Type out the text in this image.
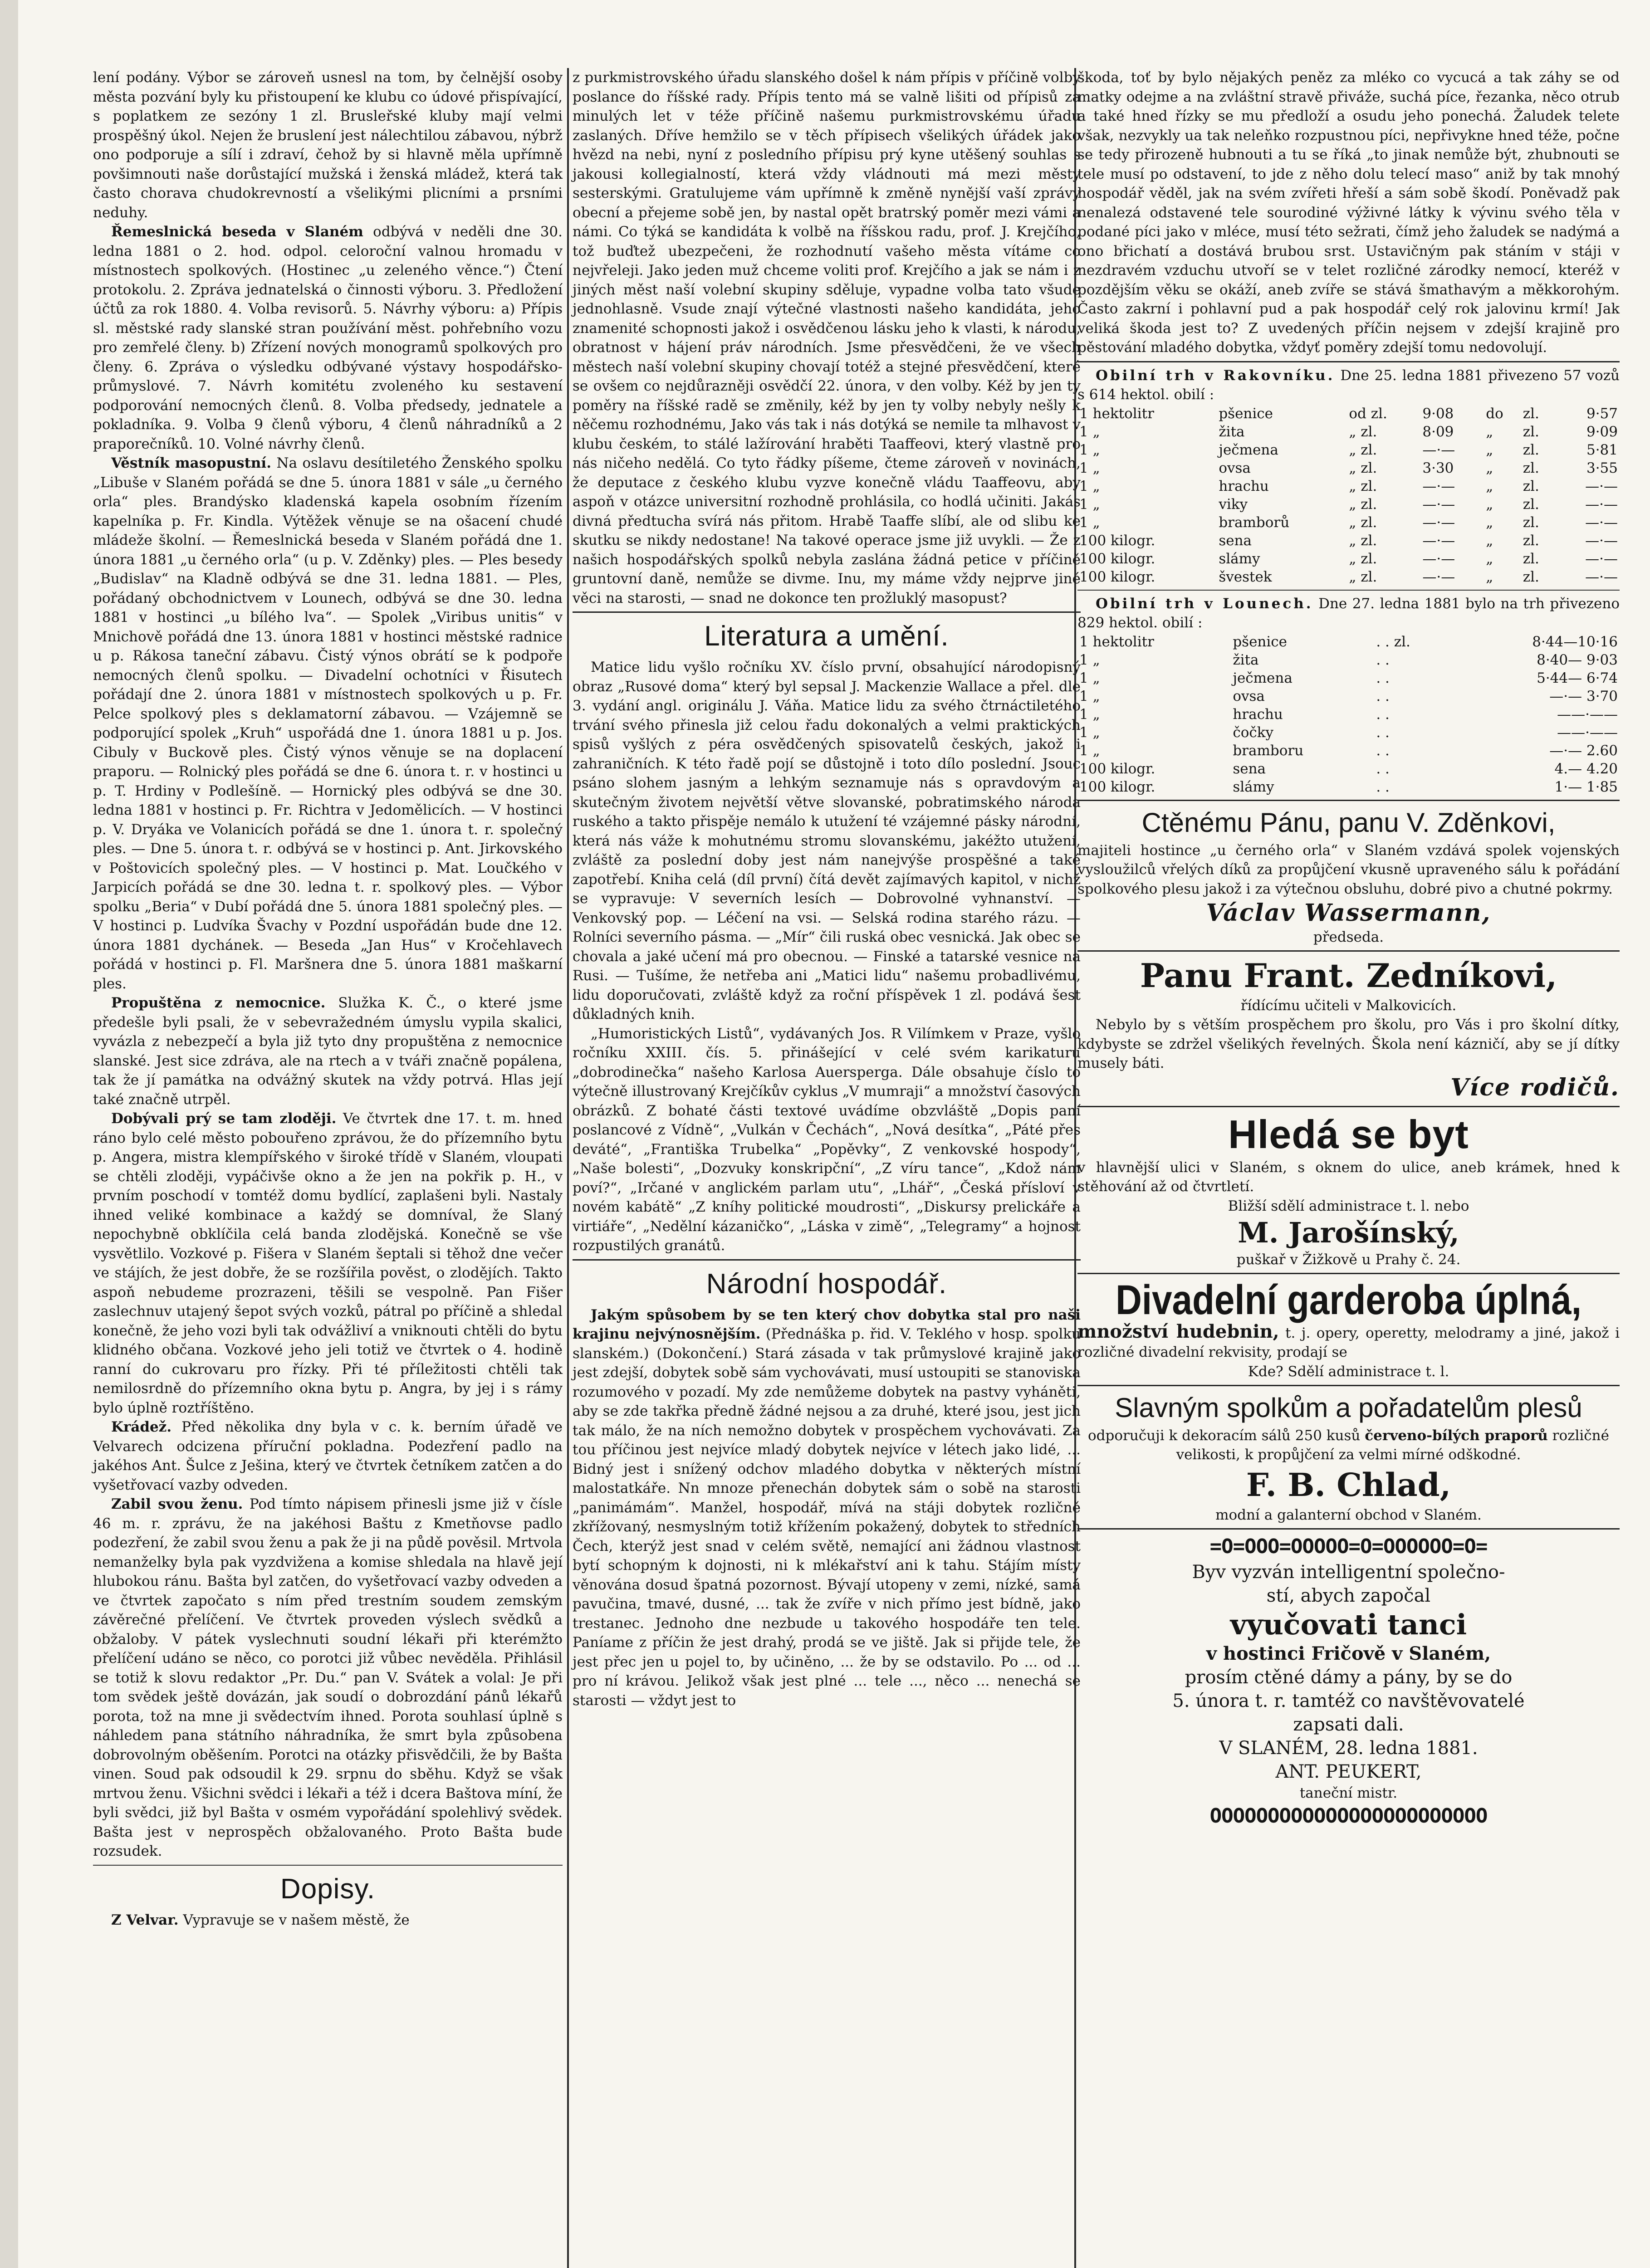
lení podány. Výbor se zároveň usnesl na tom, by čelnější osoby města pozvání byly ku přistoupení ke klubu co údové přispívající, s poplatkem ze sezóny 1 zl. Brusleřské kluby mají velmi prospěšný úkol. Nejen že bruslení jest nálechtilou zábavou, nýbrž ono podporuje a sílí i zdraví, čehož by si hlavně měla upřímně povšimnouti naše dorůstající mužská i ženská mládež, která tak často chorava chudokrevností a všelikými plicními a prsními neduhy.

Řemeslnická beseda v Slaném odbývá v neděli dne 30. ledna 1881 o 2. hod. odpol. celoroční valnou hromadu v místnostech spolkových. (Hostinec „u zeleného věnce.“) Čtení protokolu. 2. Zpráva jednatelská o činnosti výboru. 3. Předložení účtů za rok 1880. 4. Volba revisorů. 5. Návrhy výboru: a) Přípis sl. městské rady slanské stran používání měst. pohřebního vozu pro zemřelé členy. b) Zřízení nových monogramů spolkových pro členy. 6. Zpráva o výsledku odbývané výstavy hospodářsko-průmyslové. 7. Návrh komitétu zvoleného ku sestavení podporování nemocných členů. 8. Volba předsedy, jednatele a pokladníka. 9. Volba 9 členů výboru, 4 členů náhradníků a 2 praporečníků. 10. Volné návrhy členů.

Věstník masopustní. Na oslavu desítiletého Ženského spolku „Libuše v Slaném pořádá se dne 5. února 1881 v sále „u černého orla“ ples. Brandýsko kladenská kapela osobním řízením kapelníka p. Fr. Kindla. Výtěžek věnuje se na ošacení chudé mládeže školní. — Řemeslnická beseda v Slaném pořádá dne 1. února 1881 „u černého orla“ (u p. V. Zděnky) ples. — Ples besedy „Budislav“ na Kladně odbývá se dne 31. ledna 1881. — Ples, pořádaný obchodnictvem v Lounech, odbývá se dne 30. ledna 1881 v hostinci „u bílého lva“. — Spolek „Viribus unitis“ v Mnichově pořádá dne 13. února 1881 v hostinci městské radnice u p. Rákosa taneční zábavu. Čistý výnos obrátí se k podpoře nemocných členů spolku. — Divadelní ochotníci v Řisutech pořádají dne 2. února 1881 v místnostech spolkových u p. Fr. Pelce spolkový ples s deklamatorní zábavou. — Vzájemně se podporující spolek „Kruh“ uspořádá dne 1. února 1881 u p. Jos. Cibuly v Buckově ples. Čistý výnos věnuje se na doplacení praporu. — Rolnický ples pořádá se dne 6. února t. r. v hostinci u p. T. Hrdiny v Podlešíně. — Hornický ples odbývá se dne 30. ledna 1881 v hostinci p. Fr. Richtra v Jedomělicích. — V hostinci p. V. Dryáka ve Volanicích pořádá se dne 1. února t. r. společný ples. — Dne 5. února t. r. odbývá se v hostinci p. Ant. Jirkovského v Poštovicích společný ples. — V hostinci p. Mat. Loučkého v Jarpicích pořádá se dne 30. ledna t. r. spolkový ples. — Výbor spolku „Beria“ v Dubí pořádá dne 5. února 1881 společný ples. — V hostinci p. Ludvíka Švachy v Pozdní uspořádán bude dne 12. února 1881 dychánek. — Beseda „Jan Hus“ v Kročehlavech pořádá v hostinci p. Fl. Maršnera dne 5. února 1881 maškarní ples.

Propuštěna z nemocnice. Služka K. Č., o které jsme předešle byli psali, že v sebevražedném úmyslu vypila skalici, vyvázla z nebezpečí a byla již tyto dny propuštěna z nemocnice slanské. Jest sice zdráva, ale na rtech a v tváři značně popálena, tak že jí památka na odvážný skutek na vždy potrvá. Hlas její také značně utrpěl.

Dobývali prý se tam zloději. Ve čtvrtek dne 17. t. m. hned ráno bylo celé město pobouřeno zprávou, že do přízemního bytu p. Angera, mistra klempířského v široké třídě v Slaném, vloupati se chtěli zloději, vypáčivše okno a že jen na pokřik p. H., v prvním poschodí v tomtéž domu bydlící, zaplašeni byli. Nastaly ihned veliké kombinace a každý se domníval, že Slaný nepochybně obklíčila celá banda zlodějská. Konečně se vše vysvětlilo. Vozkové p. Fišera v Slaném šeptali si těhož dne večer ve stájích, že jest dobře, že se rozšířila pověst, o zlodějích. Takto aspoň nebudeme prozrazeni, těšili se vespolně. Pan Fišer zaslechnuv utajený šepot svých vozků, pátral po příčině a shledal konečně, že jeho vozi byli tak odvážliví a vniknouti chtěli do bytu klidného občana. Vozkové jeho jeli totiž ve čtvrtek o 4. hodině ranní do cukrovaru pro řízky. Při té příležitosti chtěli tak nemilosrdně do přízemního okna bytu p. Angra, by jej i s rámy bylo úplně roztříštěno.

Krádež. Před několika dny byla v c. k. berním úřadě ve Velvarech odcizena příruční pokladna. Podezření padlo na jakéhos Ant. Šulce z Ješina, který ve čtvrtek četníkem zatčen a do vyšetřovací vazby odveden.

Zabil svou ženu. Pod tímto nápisem přinesli jsme již v čísle 46 m. r. zprávu, že na jakéhosi Baštu z Kmetňovse padlo podezření, že zabil svou ženu a pak že ji na půdě pověsil. Mrtvola nemanželky byla pak vyzdvižena a komise shledala na hlavě její hlubokou ránu. Bašta byl zatčen, do vyšetřovací vazby odveden a ve čtvrtek započato s ním před trestním soudem zemským závěrečné přelíčení. Ve čtvrtek proveden výslech svědků a obžaloby. V pátek vyslechnuti soudní lékaři při kterémžto přelíčení udáno se něco, co porotci již vůbec nevěděla. Přihlásil se totiž k slovu redaktor „Pr. Du.“ pan V. Svátek a volal: Je při tom svědek ještě dovázán, jak soudí o dobrozdání pánů lékařů porota, tož na mne ji svědectvím ihned. Porota souhlasí úplně s náhledem pana státního náhradníka, že smrt byla způsobena dobrovolným oběšením. Porotci na otázky přisvědčili, že by Bašta vinen. Soud pak odsoudil k 29. srpnu do sběhu. Když se však mrtvou ženu. Všichni svědci i lékaři a též i dcera Baštova míní, že byli svědci, již byl Bašta v osmém vypořádání spolehlivý svědek. Bašta jest v neprospěch obžalovaného. Proto Bašta bude rozsudek.

Dopisy.

Z Velvar. Vypravuje se v našem městě, že

z purkmistrovského úřadu slanského došel k nám přípis v příčině volby poslance do říšské rady. Přípis tento má se valně lišiti od přípisů za minulých let v téže příčině našemu purkmistrovskému úřadu zaslaných. Dříve hemžilo se v těch přípisech všelikých úřádek jako hvězd na nebi, nyní z posledního přípisu prý kyne utěšený souhlas s jakousi kollegialností, která vždy vládnouti má mezi městy sesterskými. Gratulujeme vám upřímně k změně nynější vaší zprávy obecní a přejeme sobě jen, by nastal opět bratrský poměr mezi vámi a námi. Co týká se kandidáta k volbě na říšskou radu, prof. J. Krejčího, tož buďtež ubezpečeni, že rozhodnutí vašeho města vítáme co nejvřeleji. Jako jeden muž chceme voliti prof. Krejčího a jak se nám i z jiných měst naší volební skupiny sděluje, vypadne volba tato všude jednohlasně. Vsude znají výtečné vlastnosti našeho kandidáta, jeho znamenité schopnosti jakož i osvědčenou lásku jeho k vlasti, k národu, obratnost v hájení práv národních. Jsme přesvědčeni, že ve všech městech naší volební skupiny chovají totéž a stejné přesvědčení, které se ovšem co nejdůrazněji osvědčí 22. února, v den volby. Kéž by jen ty poměry na říšské radě se změnily, kéž by jen ty volby nebyly nešly k něčemu rozhodnému, Jako vás tak i nás dotýká se nemile ta mlhavost v klubu českém, to stálé lažírování hraběti Taaffeovi, který vlastně pro nás ničeho nedělá. Co tyto řádky píšeme, čteme zároveň v novinách, že deputace z českého klubu vyzve konečně vládu Taaffeovu, aby aspoň v otázce universitní rozhodně prohlásila, co hodlá učiniti. Jakás divná předtucha svírá nás přitom. Hrabě Taaffe slíbí, ale od slibu ke skutku se nikdy nedostane! Na takové operace jsme již uvykli. — Že z našich hospodářských spolků nebyla zaslána žádná petice v příčině gruntovní daně, nemůže se divme. Inu, my máme vždy nejprve jiné věci na starosti, — snad ne dokonce ten prožluklý masopust?

Literatura a umění.

Matice lidu vyšlo ročníku XV. číslo první, obsahující národopisný obraz „Rusové doma“ který byl sepsal J. Mackenzie Wallace a přel. dle 3. vydání angl. originálu J. Váňa. Matice lidu za svého čtrnáctiletého trvání svého přinesla již celou řadu dokonalých a velmi praktických spisů vyšlých z péra osvědčených spisovatelů českých, jakož i zahraničních. K této řadě pojí se důstojně i toto dílo poslední. Jsouc psáno slohem jasným a lehkým seznamuje nás s opravdovým a skutečným životem největší větve slovanské, pobratimského národa ruského a takto přispěje nemálo k utužení té vzájemné pásky národní, která nás váže k mohutnému stromu slovanskému, jakéžto utužení, zvláště za poslední doby jest nám nanejvýše prospěšné a také zapotřebí. Kniha celá (díl první) čítá devět zajímavých kapitol, v nichž se vypravuje: V severních lesích — Dobrovolné vyhnanství. — Venkovský pop. — Léčení na vsi. — Selská rodina starého rázu. — Rolníci severního pásma. — „Mír“ čili ruská obec vesnická. Jak obec se chovala a jaké učení má pro obecnou. — Finské a tatarské vesnice na Rusi. — Tušíme, že netřeba ani „Matici lidu“ našemu probadlivému, lidu doporučovati, zvláště když za roční příspěvek 1 zl. podává šest důkladných knih.

„Humoristických Listů“, vydávaných Jos. R Vilímkem v Praze, vyšlo ročníku XXIII. čís. 5. přinášející v celé svém karikaturu „dobrodinečka“ našeho Karlosa Auersperga. Dále obsahuje číslo to výtečně illustrovaný Krejčíkův cyklus „V mumraji“ a množství časových obrázků. Z bohaté části textové uvádíme obzvláště „Dopis paní poslancové z Vídně“, „Vulkán v Čechách“, „Nová desítka“, „Páté přes deváté“, „Františka Trubelka“ „Popěvky“, Z venkovské hospody“, „Naše bolesti“, „Dozvuky konskripční“, „Z víru tance“, „Kdož nám poví?“, „Irčané v anglickém parlam utu“, „Lhář“, „Česká přísloví v novém kabátě“ „Z kníhy politické moudrosti“, „Diskursy prelickáře a virtiáře“, „Nedělní kázaničko“, „Láska v zimě“, „Telegramy“ a hojnost rozpustilých granátů.

Národní hospodář.

Jakým spůsobem by se ten který chov dobytka stal pro naši krajinu nejvýnosnějším. (Přednáška p. řid. V. Teklého v hosp. spolku slanském.) (Dokončení.) Stará zásada v tak průmyslové krajině jako jest zdejší, dobytek sobě sám vychovávati, musí ustoupiti se stanoviska rozumového v pozadí. My zde nemůžeme dobytek na pastvy vyháněti, aby se zde takřka předně žádné nejsou a za druhé, které jsou, jest jich tak málo, že na ních nemožno dobytek v prospěchem vychovávati. Za tou příčinou jest nejvíce mladý dobytek nejvíce v létech jako lidé, ... Bidný jest i snížený odchov mladého dobytka v některých místní malostatkáře. Nn mnoze přenechán dobytek sám o sobě na starosti „panimámám“. Manžel, hospodář, mívá na stáji dobytek rozličně zkřížovaný, nesmyslným totiž křížením pokažený, dobytek to středních Čech, kterýž jest snad v celém světě, nemající ani žádnou vlastnost bytí schopným k dojnosti, ni k mlékařství ani k tahu. Stájím místy věnována dosud špatná pozornost. Bývají utopeny v zemi, nízké, samá pavučina, tmavé, dusné, ... tak že zvíře v nich přímo jest bídně, jako trestanec. Jednoho dne nezbude u takového hospodáře ten tele. Paníame z příčin že jest drahý, prodá se ve jiště. Jak si přijde tele, že jest přec jen u pojel to, by učiněno, ... že by se odstavilo. Po ... od ... pro ní krávou. Jelikož však jest plné ... tele ..., něco ... nenechá se starosti — vždyt jest to

škoda, toť by bylo nějakých peněz za mléko co vycucá a tak záhy se od matky odejme a na zvláštní stravě přiváže, suchá píce, řezanka, něco otrub a také hned řízky se mu předloží a osudu jeho ponechá. Žaludek telete však, nezvykly ua tak neleňko rozpustnou píci, nepřivykne hned téže, počne se tedy přirozeně hubnouti a tu se říká „to jinak nemůže být, zhubnouti se tele musí po odstavení, to jde z něho dolu telecí maso“ aniž by tak mnohý hospodář věděl, jak na svém zvířeti hřeší a sám sobě škodí. Poněvadž pak nenalezá odstavené tele sourodiné výživné látky k vývinu svého těla v podané píci jako v mléce, musí této sežrati, čímž jeho žaludek se nadýmá a ono břichatí a dostává brubou srst. Ustavičným pak stáním v stáji v nezdravém vzduchu utvoří se v telet rozličné zárodky nemocí, kteréž v pozdějším věku se okáží, aneb zvíře se stává šmathavým a měkkorohým. Často zakrní i pohlavní pud a pak hospodář celý rok jalovinu krmí! Jak veliká škoda jest to? Z uvedených příčin nejsem v zdejší krajině pro pěstování mladého dobytka, vždyť poměry zdejší tomu nedovolují.

Obilní trh v Rakovníku. Dne 25. ledna 1881 přivezeno 57 vozů s 614 hektol. obilí :

1 hektolitr	pšenice	od zl.	9·08	do	zl.	9·57
1 „	žita	„ zl.	8·09	„	zl.	9·09
1 „	ječmena	„ zl.	—·—	„	zl.	5·81
1 „	ovsa	„ zl.	3·30	„	zl.	3·55
1 „	hrachu	„ zl.	—·—	„	zl.	—·—
1 „	viky	„ zl.	—·—	„	zl.	—·—
1 „	bramborů	„ zl.	—·—	„	zl.	—·—
100 kilogr.	sena	„ zl.	—·—	„	zl.	—·—
100 kilogr.	slámy	„ zl.	—·—	„	zl.	—·—
100 kilogr.	švestek	„ zl.	—·—	„	zl.	—·—

Obilní trh v Lounech. Dne 27. ledna 1881 bylo na trh přivezeno 829 hektol. obilí :

1 hektolitr	pšenice	. . zl.	8·44—10·16
1 „	žita	. .	8·40— 9·03
1 „	ječmena	. .	5·44— 6·74
1 „	ovsa	. .	—·— 3·70
1 „	hrachu	. .	——·——
1 „	čočky	. .	——·——
1 „	bramboru	. .	—·— 2.60
100 kilogr.	sena	. .	4.— 4.20
100 kilogr.	slámy	. .	1·— 1·85
Ctěnému Pánu, panu V. Zděnkovi,

majiteli hostince „u černého orla“ v Slaném vzdává spolek vojenských vysloužilců vřelých díků za propůjčení vkusně upraveného sálu k pořádání spolkového plesu jakož i za výtečnou obsluhu, dobré pivo a chutné pokrmy.

Václav Wassermann,
předseda.
Panu Frant. Zedníkovi,
řídícímu učiteli v Malkovicích.

Nebylo by s větším prospěchem pro školu, pro Vás i pro školní dítky, kdybyste se zdržel všelikých řevelných. Škola není kázničí, aby se jí dítky musely báti.

Více rodičů.
Hledá se byt

v hlavnější ulici v Slaném, s oknem do ulice, aneb krámek, hned k stěhování až od čtvrtletí.

Bližší sdělí administrace t. l. nebo
M. Jarošínský,
puškař v Žižkově u Prahy č. 24.
Divadelní garderoba úplná,

množství hudebnin, t. j. opery, operetty, melodramy a jiné, jakož i rozličné divadelní rekvisity, prodají se

Kde? Sdělí administrace t. l.
Slavným spolkům a pořadatelům plesů

odporučuji k dekoracím sálů 250 kusů červeno-bílých praporů rozličné velikosti, k propůjčení za velmi mírné odškodné.

F. B. Chlad,
modní a galanterní obchod v Slaném.
=O=OOO=OOOOO=O=OOOOOO=O=
Byv vyzván intelligentní společno-
stí, abych započal
vyučovati tanci
v hostinci Fričově v Slaném,
prosím ctěné dámy a pány, by se do
5. února t. r. tamtéž co navštěvovatelé
zapsati dali.
V SLANÉM, 28. ledna 1881.
ANT. PEUKERT,
taneční mistr.
OOOOOOOOOOOOOOOOOOOOOOOO
